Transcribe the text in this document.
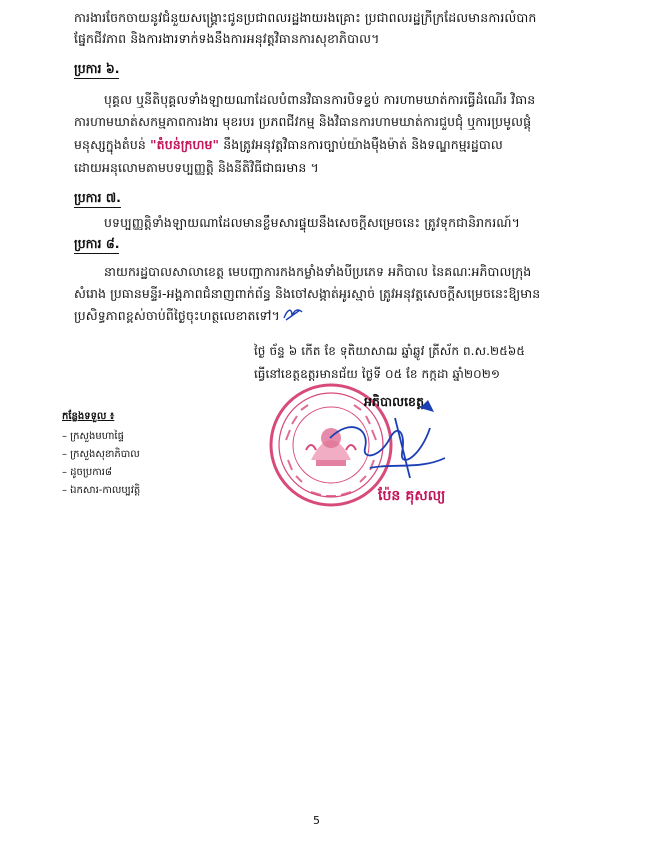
ការងារចែកចាយនូវជំនួយសង្គ្រោះជូនប្រជាពលរដ្ឋងាយរងគ្រោះ ប្រជាពលរដ្ឋក្រីក្រដែលមានការលំបាក
ផ្នែកជីវភាព និងការងារទាក់ទងនឹងការអនុវត្តវិធានការសុខាភិបាល។
ប្រការ ៦.
បុគ្គល ឬនីតិបុគ្គលទាំងឡាយណាដែលបំពានវិធានការបិទខ្ទប់ ការហាមឃាត់ការធ្វើដំណើរ វិធាន
ការហាមឃាត់សកម្មភាពការងារ មុខរបរ ប្រភពជីវកម្ម និងវិធានការហាមឃាត់ការជួបជុំ ឬការប្រមូលផ្តុំ
មនុស្សក្នុងតំបន់ "តំបន់ក្រហម" នឹងត្រូវអនុវត្តវិធានការច្បាប់យ៉ាងម៉ឺងម៉ាត់ និងទណ្ឌកម្មរដ្ឋបាល
ដោយអនុលោមតាមបទប្បញ្ញត្តិ និងនីតិវិធីជាធរមាន ។
ប្រការ ៧.
បទប្បញ្ញត្តិទាំងឡាយណាដែលមានខ្លឹមសារផ្ទុយនឹងសេចក្តីសម្រេចនេះ ត្រូវទុកជានិរាករណ៍។
ប្រការ ៨.
នាយករដ្ឋបាលសាលាខេត្ត មេបញ្ជាការកងកម្លាំងទាំងបីប្រភេទ អភិបាល នៃគណៈអភិបាលក្រុង
សំរោង ប្រធានមន្ទីរ-អង្គភាពជំនាញពាក់ព័ន្ធ និងចៅសង្កាត់អូរស្មាច់ ត្រូវអនុវត្តសេចក្តីសម្រេចនេះឱ្យមាន
ប្រសិទ្ធភាពខ្ពស់ចាប់ពីថ្ងៃចុះហត្ថលេខាតទៅ។
ថ្ងៃ ច័ន្ទ ៦ កើត ខែ ទុតិយាសាឍ ឆ្នាំឆ្លូវ ត្រីស័ក ព.ស.២៥៦៥
ធ្វើនៅខេត្តឧត្តរមានជ័យ ថ្ងៃទី ០៥ ខែ កក្កដា ឆ្នាំ២០២១
អភិបាលខេត្ត
កន្លែងទទួល ៖
– ក្រសួងមហាផ្ទៃ
– ក្រសួងសុខាភិបាល
– ដូចប្រការ៨
– ឯកសារ-កាលប្បវត្តិ	ប៉ែន គុសល្យ
5
